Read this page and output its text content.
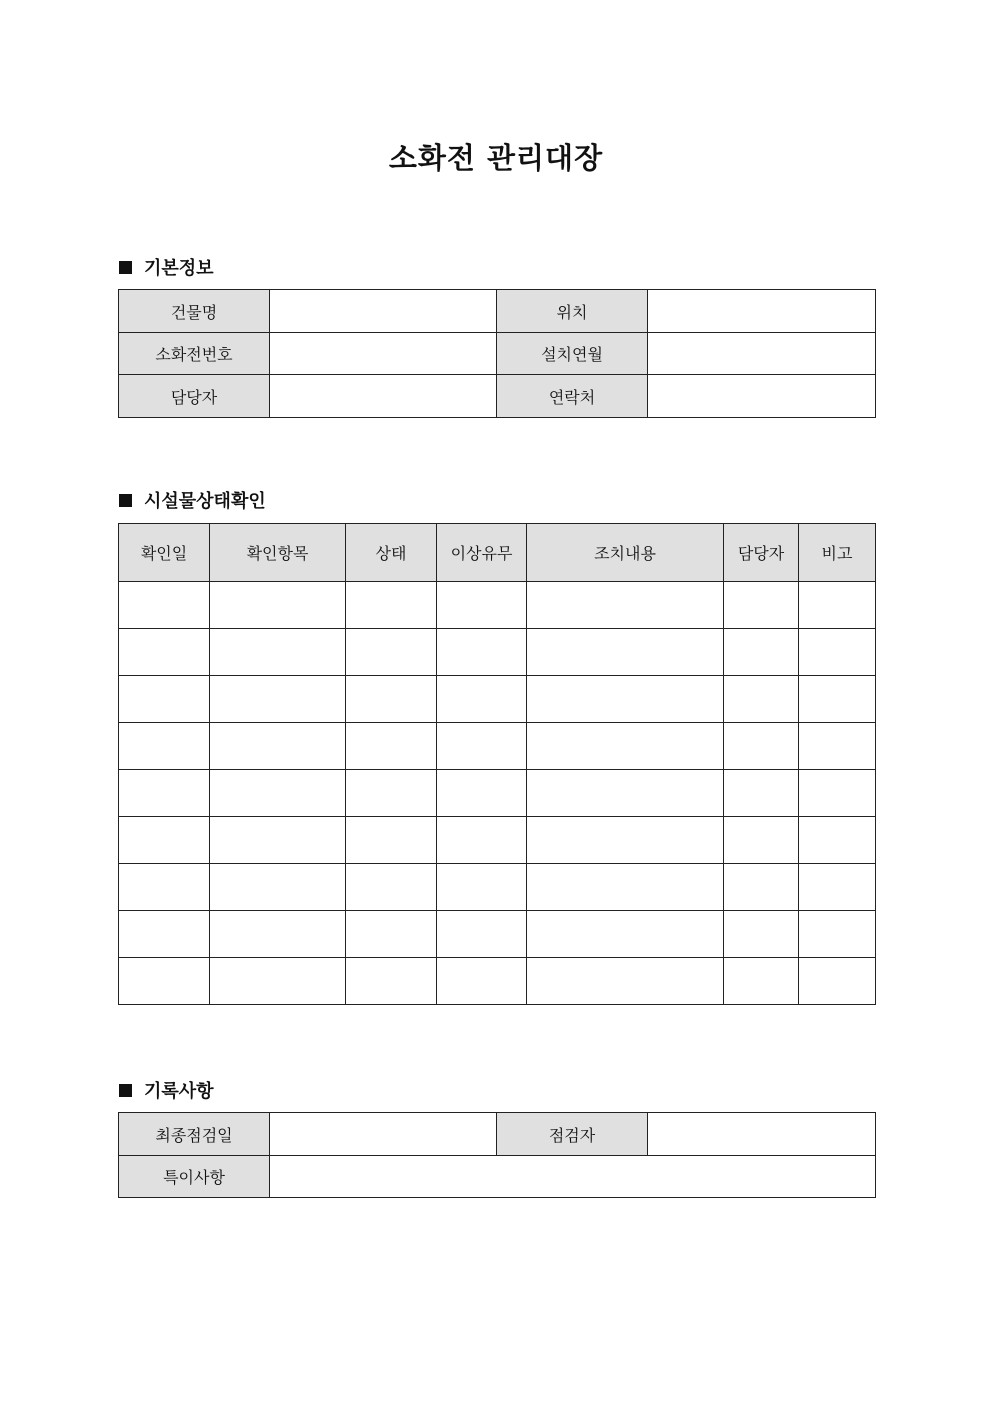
소화전 관리대장
기본정보
건물명		위치	
소화전번호		설치연월	
담당자		연락처	
시설물상태확인
확인일	확인항목	상태	이상유무	조치내용	담당자	비고

기록사항
최종점검일		점검자	
특이사항			
